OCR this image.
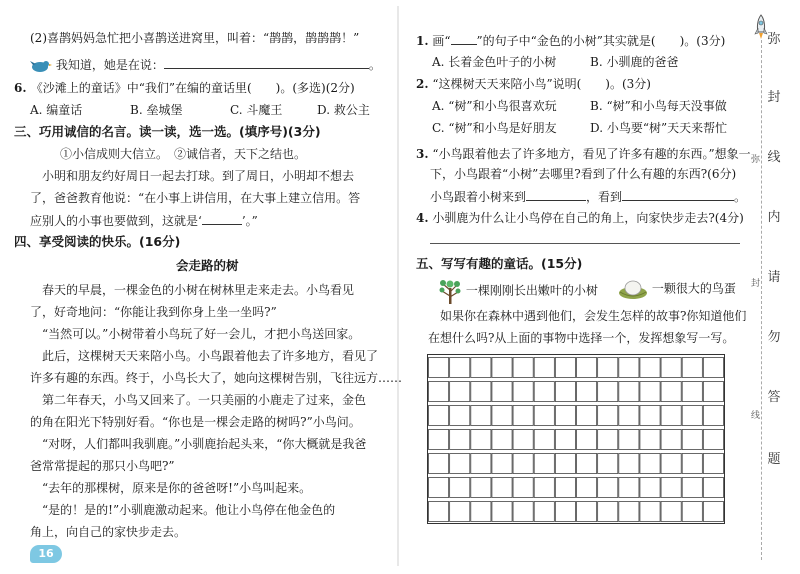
(2)喜鹊妈妈急忙把小喜鹊送进窝里，叫着：“鹊鹊，鹊鹊鹊！”
我知道，她是在说：	。
6. 《沙滩上的童话》中“我们”在编的童话里(　　)。(多选)(2分)
A. 编童话	B. 垒城堡	C. 斗魔王	D. 救公主
三、巧用诚信的名言。读一读，选一选。(填序号)(3分)
①小信成则大信立。　②诚信者，天下之结也。
小明和朋友约好周日一起去打球。到了周日，小明却不想去
了，爸爸教育他说：“在小事上讲信用，在大事上建立信用。答
应别人的小事也要做到，这就是‘	’。”
四、享受阅读的快乐。(16分)
会走路的树
春天的早晨，一棵金色的小树在树林里走来走去。小鸟看见
了，好奇地问：“你能让我到你身上坐一坐吗?”
“当然可以。”小树带着小鸟玩了好一会儿，才把小鸟送回家。
此后，这棵树天天来陪小鸟。小鸟跟着他去了许多地方，看见了
许多有趣的东西。终于，小鸟长大了，她向这棵树告别，飞往远方……
第二年春天，小鸟又回来了。一只美丽的小鹿走了过来，金色
的角在阳光下特别好看。“你也是一棵会走路的树吗?”小鸟问。
“对呀，人们都叫我驯鹿。”小驯鹿抬起头来，“你大概就是我爸
爸常常提起的那只小鸟吧?”
“去年的那棵树，原来是你的爸爸呀!”小鸟叫起来。
“是的！是的!”小驯鹿激动起来。他让小鸟停在他金色的
角上，向自己的家快步走去。
16
1. 画“ ”的句子中“金色的小树”其实就是(　　)。(3分)
A. 长着金色叶子的小树	B. 小驯鹿的爸爸
2. “这棵树天天来陪小鸟”说明(　　)。(3分)
A. “树”和小鸟很喜欢玩	B. “树”和小鸟每天没事做
C. “树”和小鸟是好朋友	D. 小鸟要“树”天天来帮忙
3. “小鸟跟着他去了许多地方，看见了许多有趣的东西。”想象一
下，小鸟跟着“小树”去哪里?看到了什么有趣的东西?(6分)
小鸟跟着小树来到	，看到	。
4. 小驯鹿为什么让小鸟停在自己的角上，向家快步走去?(4分)
五、写写有趣的童话。(15分)
一棵刚刚长出嫩叶的小树	一颗很大的鸟蛋
如果你在森林中遇到他们，会发生怎样的故事?你知道他们
在想什么吗?从上面的事物中选择一个，发挥想象写一写。
弥
封
线
内
请
勿
答
题
弥
封
线
